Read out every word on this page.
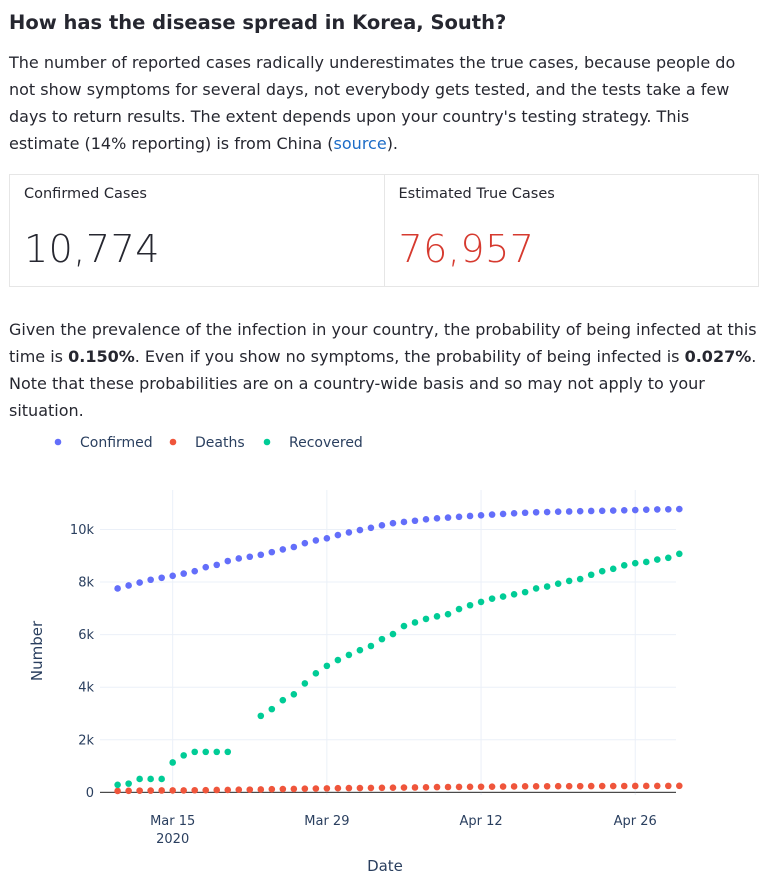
How has the disease spread in Korea, South?

The number of reported cases radically underestimates the true cases, because people do not show symptoms for several days, not everybody gets tested, and the tests take a few days to return results. The extent depends upon your country's testing strategy. This estimate (14% reporting) is from China (source).

Confirmed Cases
10,774
Estimated True Cases
76,957

Given the prevalence of the infection in your country, the probability of being infected at this time is 0.150%. Even if you show no symptoms, the probability of being infected is 0.027%. Note that these probabilities are on a country-wide basis and so may not apply to your situation.

0
2k
4k
6k
8k
10k
Mar 15
2020
Mar 29	Apr 12	Apr 26
Confirmed	Deaths	Recovered
Date
Number
